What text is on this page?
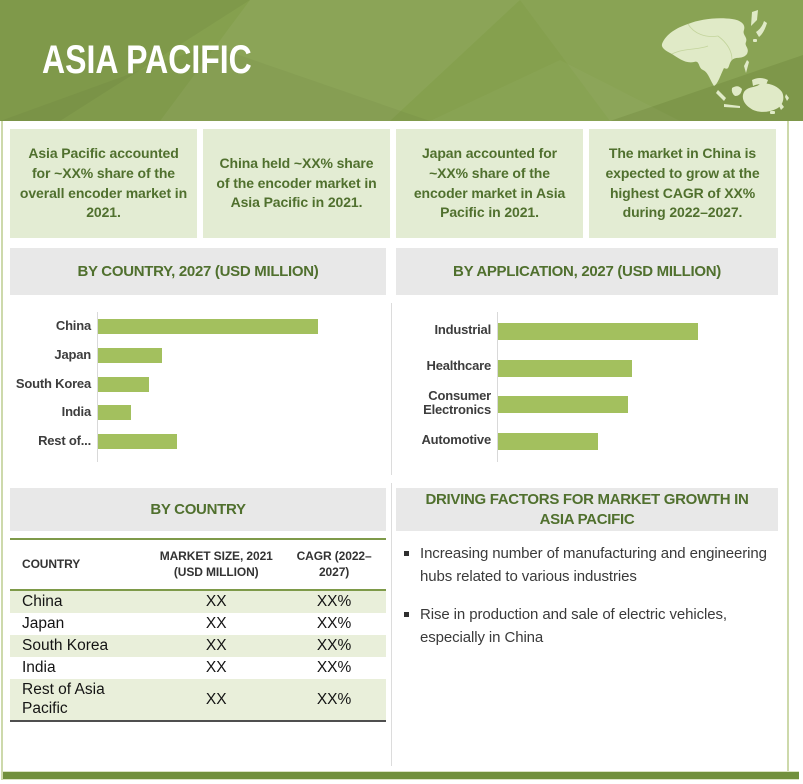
ASIA PACIFIC
Asia Pacific accounted for ~XX% share of the overall encoder market in 2021.
China held ~XX% share of the encoder market in Asia Pacific in 2021.
Japan accounted for ~XX% share of the encoder market in Asia Pacific in 2021.
The market in China is expected to grow at the highest CAGR of XX% during 2022–2027.
BY COUNTRY, 2027 (USD MILLION)	BY APPLICATION, 2027 (USD MILLION)
China
Japan
South Korea
India
Rest of...
Industrial
Healthcare
Consumer Electronics
Automotive
BY COUNTRY
COUNTRY	MARKET SIZE, 2021 (USD MILLION)	CAGR (2022–2027)
China	XX	XX%
Japan	XX	XX%
South Korea	XX	XX%
India	XX	XX%
Rest of Asia Pacific	XX	XX%
DRIVING FACTORS FOR MARKET GROWTH IN ASIA PACIFIC
Increasing number of manufacturing and engineering hubs related to various industries
Rise in production and sale of electric vehicles, especially in China
